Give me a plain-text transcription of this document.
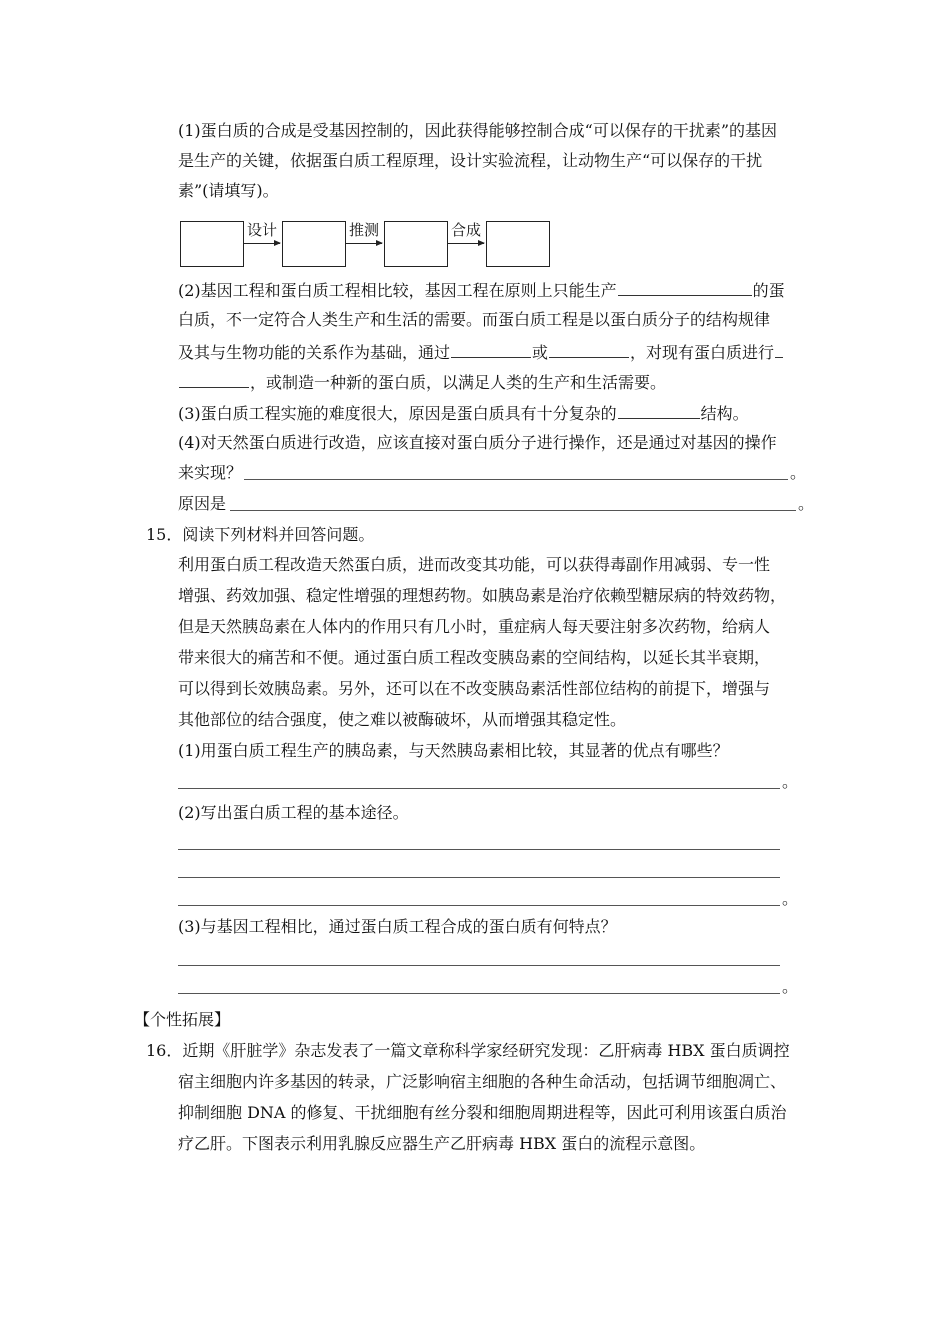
(1)蛋白质的合成是受基因控制的，因此获得能够控制合成“可以保存的干扰素”的基因
是生产的关键，依据蛋白质工程原理，设计实验流程，让动物生产“可以保存的干扰
素”(请填写)。
设计	推测	合成
(2)基因工程和蛋白质工程相比较，基因工程在原则上只能生产	的蛋
白质，不一定符合人类生产和生活的需要。而蛋白质工程是以蛋白质分子的结构规律
及其与生物功能的关系作为基础，通过	或	，对现有蛋白质进行
，或制造一种新的蛋白质，以满足人类的生产和生活需要。
(3)蛋白质工程实施的难度很大，原因是蛋白质具有十分复杂的	结构。
(4)对天然蛋白质进行改造，应该直接对蛋白质分子进行操作，还是通过对基因的操作
来实现？	。
原因是	。
15．阅读下列材料并回答问题。
利用蛋白质工程改造天然蛋白质，进而改变其功能，可以获得毒副作用减弱、专一性
增强、药效加强、稳定性增强的理想药物。如胰岛素是治疗依赖型糖尿病的特效药物，
但是天然胰岛素在人体内的作用只有几小时，重症病人每天要注射多次药物，给病人
带来很大的痛苦和不便。通过蛋白质工程改变胰岛素的空间结构，以延长其半衰期，
可以得到长效胰岛素。另外，还可以在不改变胰岛素活性部位结构的前提下，增强与
其他部位的结合强度，使之难以被酶破坏，从而增强其稳定性。
(1)用蛋白质工程生产的胰岛素，与天然胰岛素相比较，其显著的优点有哪些？
。
(2)写出蛋白质工程的基本途径。
。
(3)与基因工程相比，通过蛋白质工程合成的蛋白质有何特点？
。
【个性拓展】
16．近期《肝脏学》杂志发表了一篇文章称科学家经研究发现：乙肝病毒 HBX 蛋白质调控
宿主细胞内许多基因的转录，广泛影响宿主细胞的各种生命活动，包括调节细胞凋亡、
抑制细胞 DNA 的修复、干扰细胞有丝分裂和细胞周期进程等，因此可利用该蛋白质治
疗乙肝。下图表示利用乳腺反应器生产乙肝病毒 HBX 蛋白的流程示意图。
